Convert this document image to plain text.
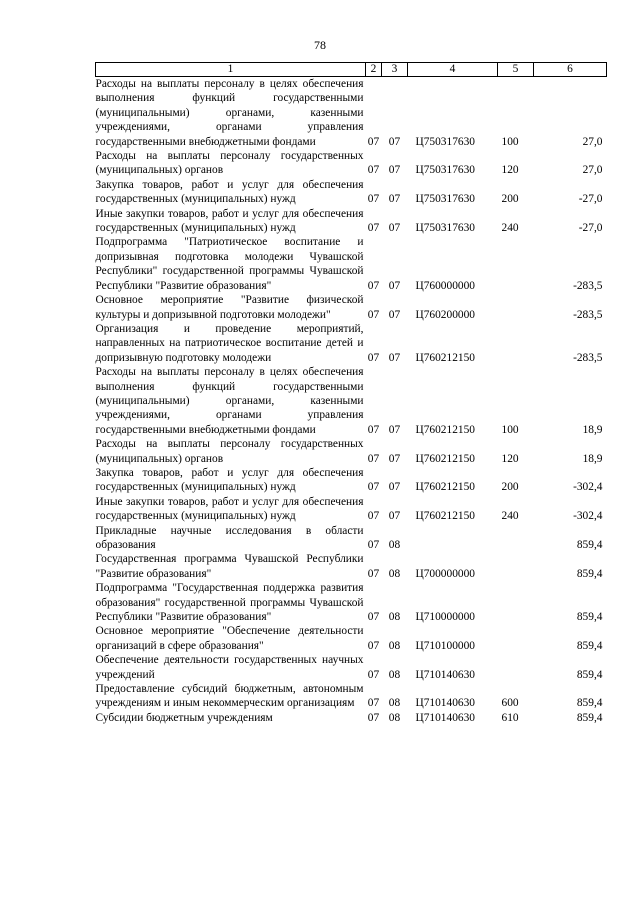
78
1	2	3	4	5	6
Расходы на выплаты персоналу в целях обеспечения выполнения функций государственными (муниципальными) органами, казенными учреждениями, органами управления государственными внебюджетными фондами	07	07	Ц750317630	100	27,0
Расходы на выплаты персоналу государственных (муниципальных) органов	07	07	Ц750317630	120	27,0
Закупка товаров, работ и услуг для обеспечения государственных (муниципальных) нужд	07	07	Ц750317630	200	-27,0
Иные закупки товаров, работ и услуг для обеспечения государственных (муниципальных) нужд	07	07	Ц750317630	240	-27,0
Подпрограмма "Патриотическое воспитание и допризывная подготовка молодежи Чувашской Республики" государственной программы Чувашской Республики "Развитие образования"	07	07	Ц760000000		-283,5
Основное мероприятие "Развитие физической культуры и допризывной подготовки молодежи"	07	07	Ц760200000		-283,5
Организация и проведение мероприятий, направленных на патриотическое воспитание детей и допризывную подготовку молодежи	07	07	Ц760212150		-283,5
Расходы на выплаты персоналу в целях обеспечения выполнения функций государственными (муниципальными) органами, казенными учреждениями, органами управления государственными внебюджетными фондами	07	07	Ц760212150	100	18,9
Расходы на выплаты персоналу государственных (муниципальных) органов	07	07	Ц760212150	120	18,9
Закупка товаров, работ и услуг для обеспечения государственных (муниципальных) нужд	07	07	Ц760212150	200	-302,4
Иные закупки товаров, работ и услуг для обеспечения государственных (муниципальных) нужд	07	07	Ц760212150	240	-302,4
Прикладные научные исследования в области образования	07	08			859,4
Государственная программа Чувашской Республики "Развитие образования"	07	08	Ц700000000		859,4
Подпрограмма "Государственная поддержка развития образования" государственной программы Чувашской Республики "Развитие образования"	07	08	Ц710000000		859,4
Основное мероприятие "Обеспечение деятельности организаций в сфере образования"	07	08	Ц710100000		859,4
Обеспечение деятельности государственных научных учреждений	07	08	Ц710140630		859,4
Предоставление субсидий бюджетным, автономным учреждениям и иным некоммерческим организациям	07	08	Ц710140630	600	859,4
Субсидии бюджетным учреждениям	07	08	Ц710140630	610	859,4
